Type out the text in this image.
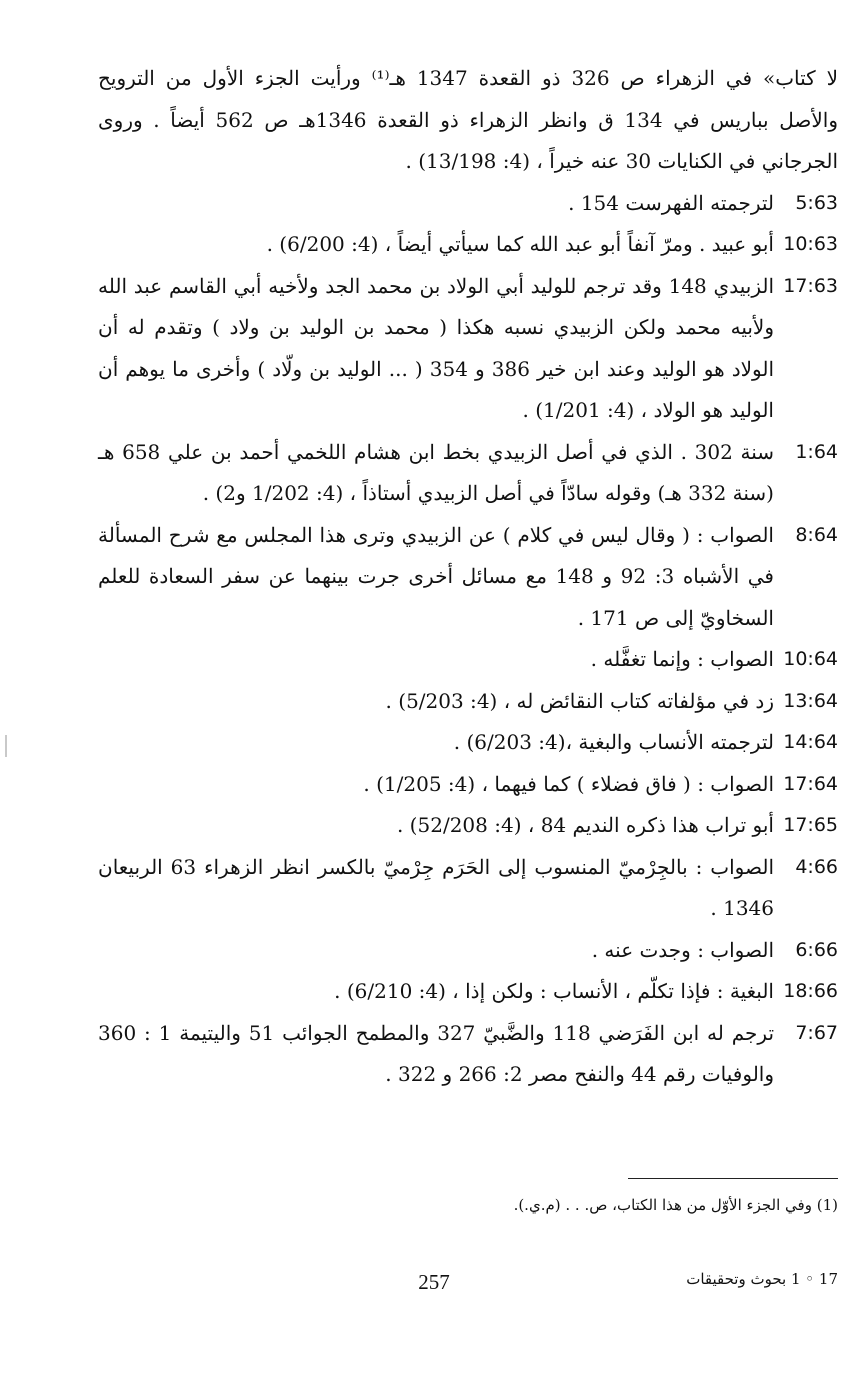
لا كتاب» في الزهراء ص 326 ذو القعدة 1347 هـ⁽¹⁾ ورأيت الجزء الأول من الترويح والأصل بباريس في 134 ق وانظر الزهراء ذو القعدة 1346هـ ص 562 أيضاً . وروى الجرجاني في الكنايات 30 عنه خيراً ، (4: 13/198) .

5:63
لترجمته الفهرست 154 .
10:63
أبو عبيد . ومرّ آنفاً أبو عبد الله كما سيأتي أيضاً ، (4: 6/200) .
17:63
الزبيدي 148 وقد ترجم للوليد أبي الولاد بن محمد الجد ولأخيه أبي القاسم عبد الله ولأبيه محمد ولكن الزبيدي نسبه هكذا ( محمد بن الوليد بن ولاد ) وتقدم له أن الولاد هو الوليد وعند ابن خير 386 و 354 ( ... الوليد بن ولّاد ) وأخرى ما يوهم أن الوليد هو الولاد ، (4: 1/201) .
1:64
سنة 302 . الذي في أصل الزبيدي بخط ابن هشام اللخمي أحمد بن علي 658 هـ (سنة 332 هـ) وقوله سادّاً في أصل الزبيدي أستاذاً ، (4: 1/202 و2) .
8:64
الصواب : ( وقال ليس في كلام ) عن الزبيدي وترى هذا المجلس مع شرح المسألة في الأشباه 3: 92 و 148 مع مسائل أخرى جرت بينهما عن سفر السعادة للعلم السخاويّ إلى ص 171 .
10:64
الصواب : وإنما تغفَّله .
13:64
زد في مؤلفاته كتاب النقائض له ، (4: 5/203) .
14:64
لترجمته الأنساب والبغية ،(4: 6/203) .
17:64
الصواب : ( فاق فضلاء ) كما فيهما ، (4: 1/205) .
17:65
أبو تراب هذا ذكره النديم 84 ، (4: 52/208) .
4:66
الصواب : بالجِرْميّ المنسوب إلى الحَرَم جِرْميّ بالكسر انظر الزهراء 63 الربيعان 1346 .
6:66
الصواب : وجدت عنه .
18:66
البغية : فإذا تكلّم ، الأنساب : ولكن إذا ، (4: 6/210) .
7:67
ترجم له ابن الفَرَضي 118 والضَّبيّ 327 والمطمح الجوائب 51 واليتيمة 1 : 360 والوفيات رقم 44 والنفح مصر 2: 266 و 322 .
(1) وفي الجزء الأوّل من هذا الكتاب، ص. . . (م.ي.).
257	17 ◦ 1 بحوث وتحقيقات
